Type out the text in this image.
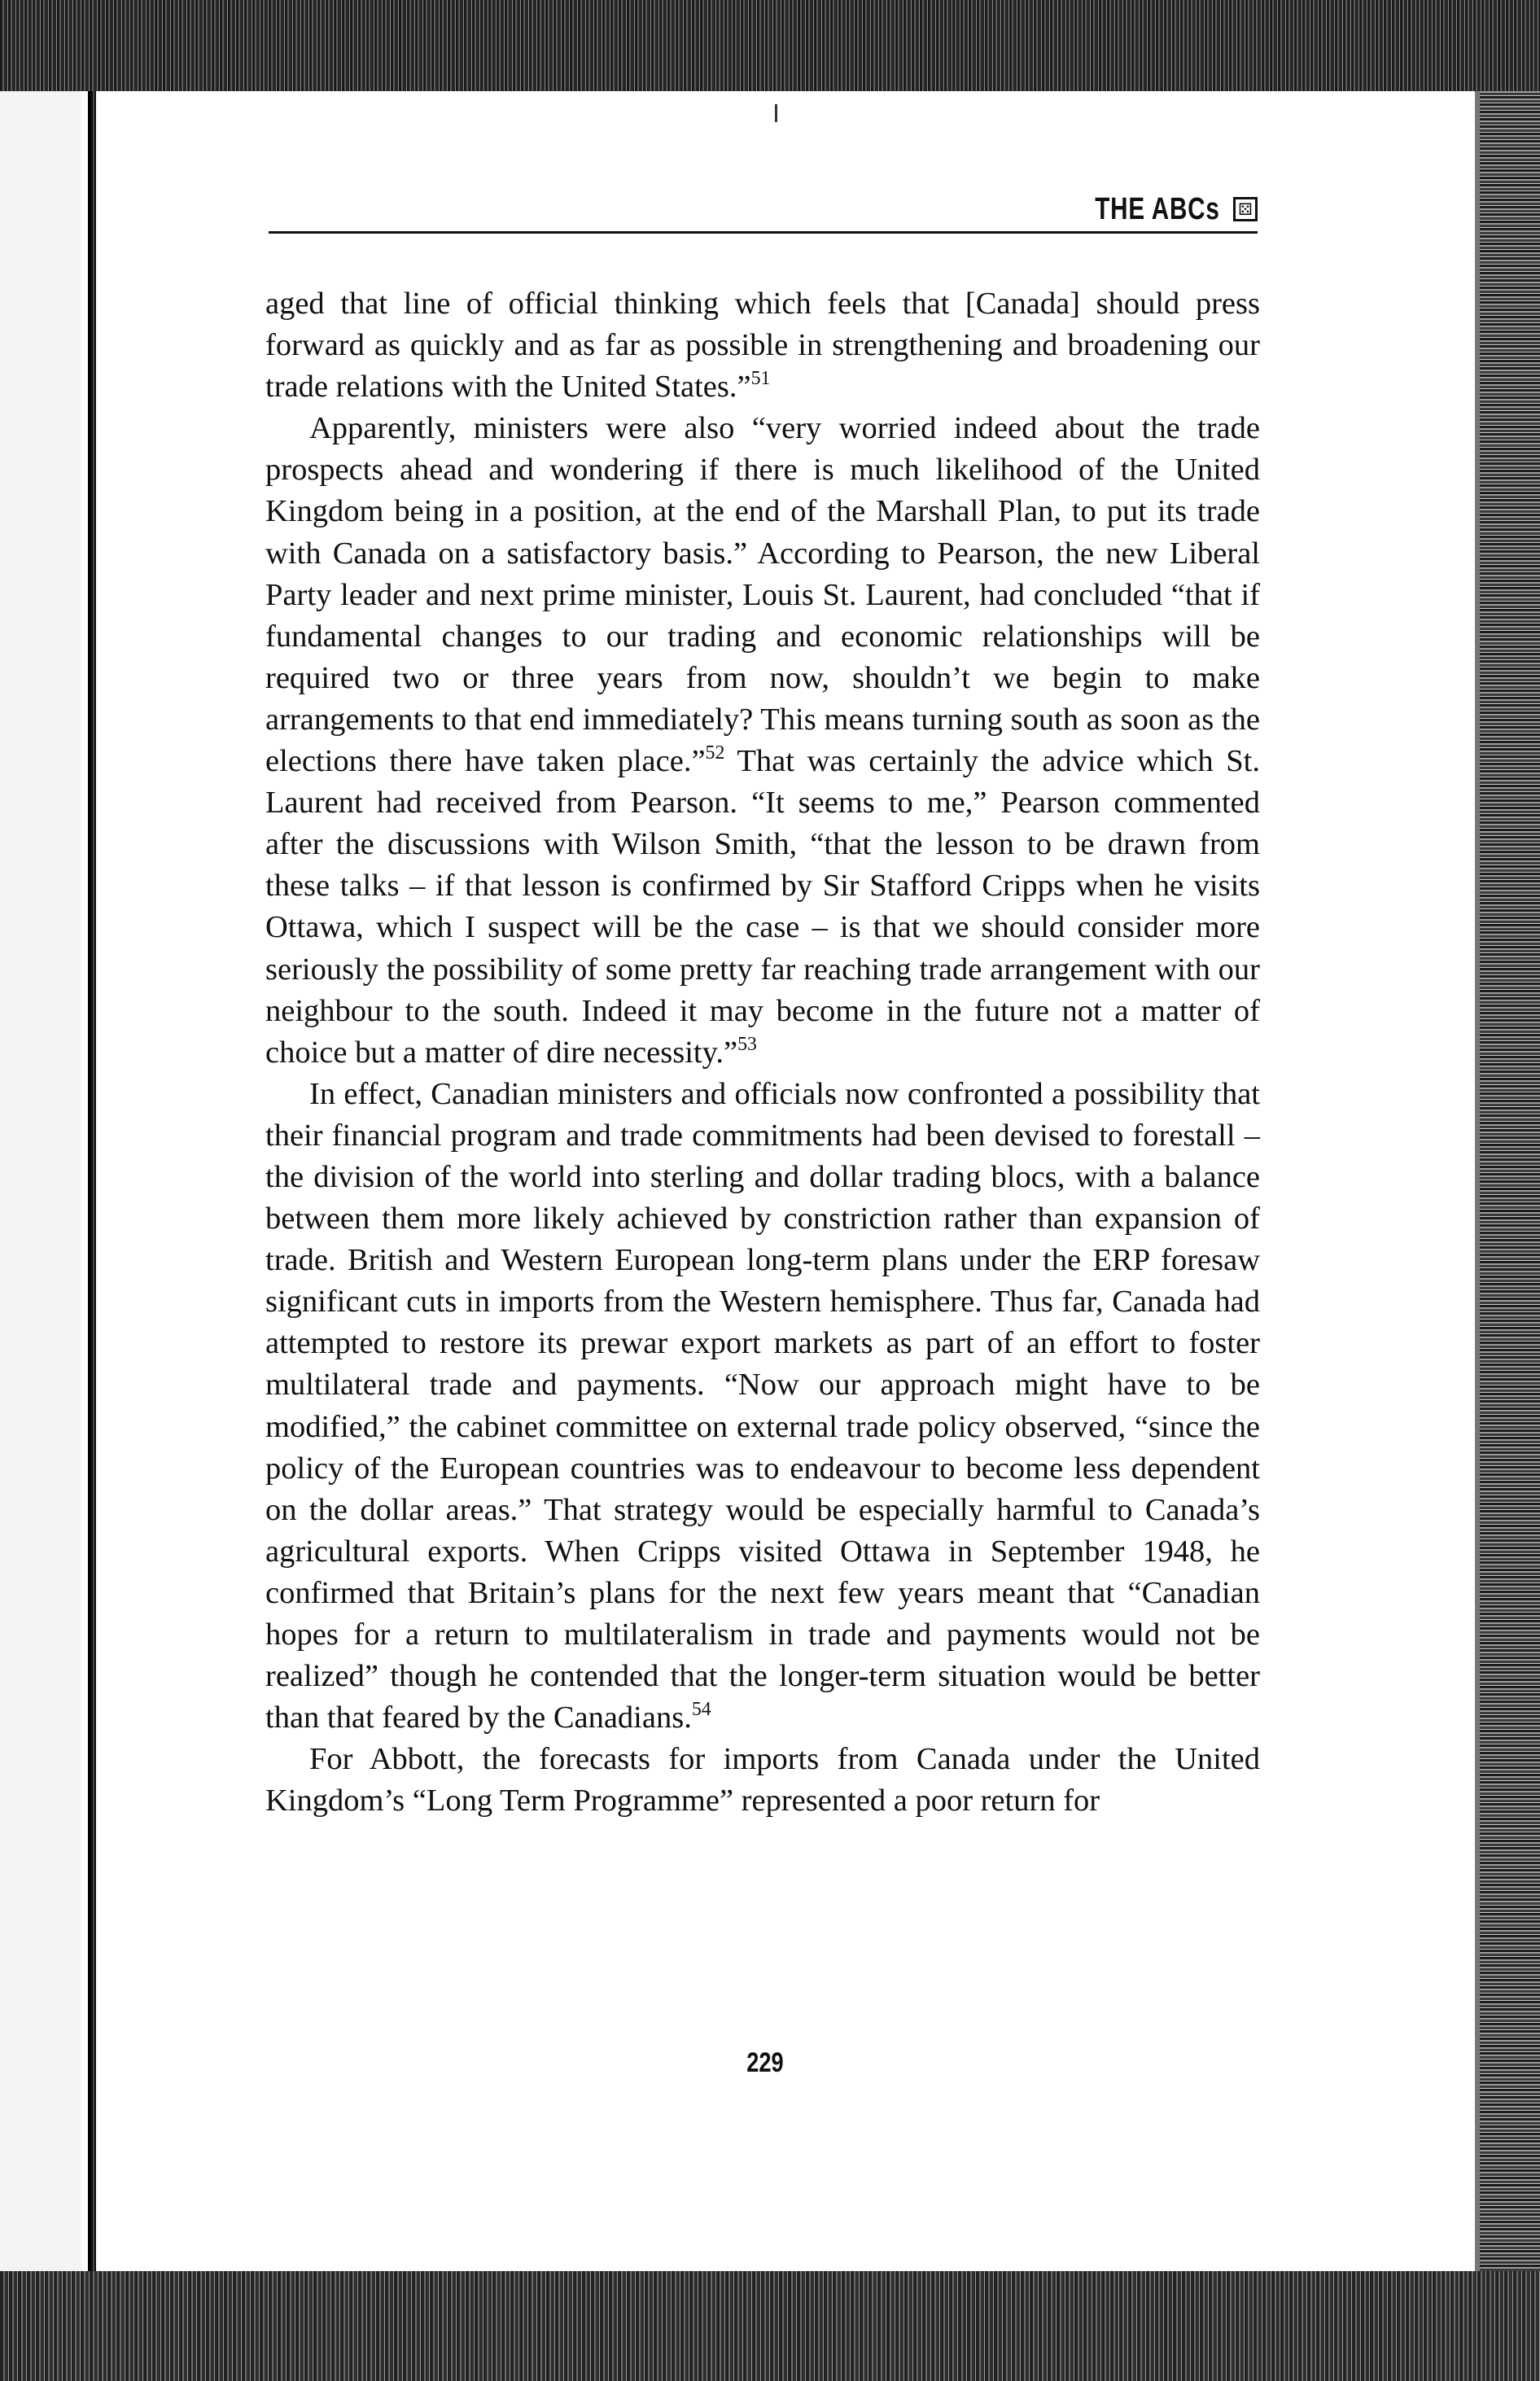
THE ABCs ⚄

aged that line of official thinking which feels that [Canada] should press forward as quickly and as far as possible in strengthening and broadening our trade relations with the United States.”$^{51}$

Apparently, ministers were also “very worried indeed about the trade prospects ahead and wondering if there is much likelihood of the United Kingdom being in a position, at the end of the Marshall Plan, to put its trade with Canada on a satisfactory basis.” According to Pearson, the new Liberal Party leader and next prime minister, Louis St. Laurent, had concluded “that if fundamental changes to our trading and economic relationships will be required two or three years from now, shouldn’t we begin to make arrangements to that end immediately? This means turning south as soon as the elections there have taken place.”$^{52}$ That was certainly the advice which St. Laurent had received from Pearson. “It seems to me,” Pearson commented after the discussions with Wilson Smith, “that the lesson to be drawn from these talks – if that lesson is confirmed by Sir Stafford Cripps when he visits Ottawa, which I suspect will be the case – is that we should consider more seriously the possibility of some pretty far reaching trade arrangement with our neighbour to the south. Indeed it may become in the future not a matter of choice but a matter of dire necessity.”$^{53}$

In effect, Canadian ministers and officials now confronted a possibility that their financial program and trade commitments had been devised to forestall – the division of the world into sterling and dollar trading blocs, with a balance between them more likely achieved by constriction rather than expansion of trade. British and Western European long-term plans under the ERP foresaw significant cuts in imports from the Western hemisphere. Thus far, Canada had attempted to restore its prewar export markets as part of an effort to foster multilateral trade and payments. “Now our approach might have to be modified,” the cabinet committee on external trade policy observed, “since the policy of the European countries was to endeavour to become less dependent on the dollar areas.” That strategy would be especially harmful to Canada’s agricultural exports. When Cripps visited Ottawa in September 1948, he confirmed that Britain’s plans for the next few years meant that “Canadian hopes for a return to multilateralism in trade and payments would not be realized” though he contended that the longer-term situation would be better than that feared by the Canadians.$^{54}$

For Abbott, the forecasts for imports from Canada under the United Kingdom’s “Long Term Programme” represented a poor return for

229
